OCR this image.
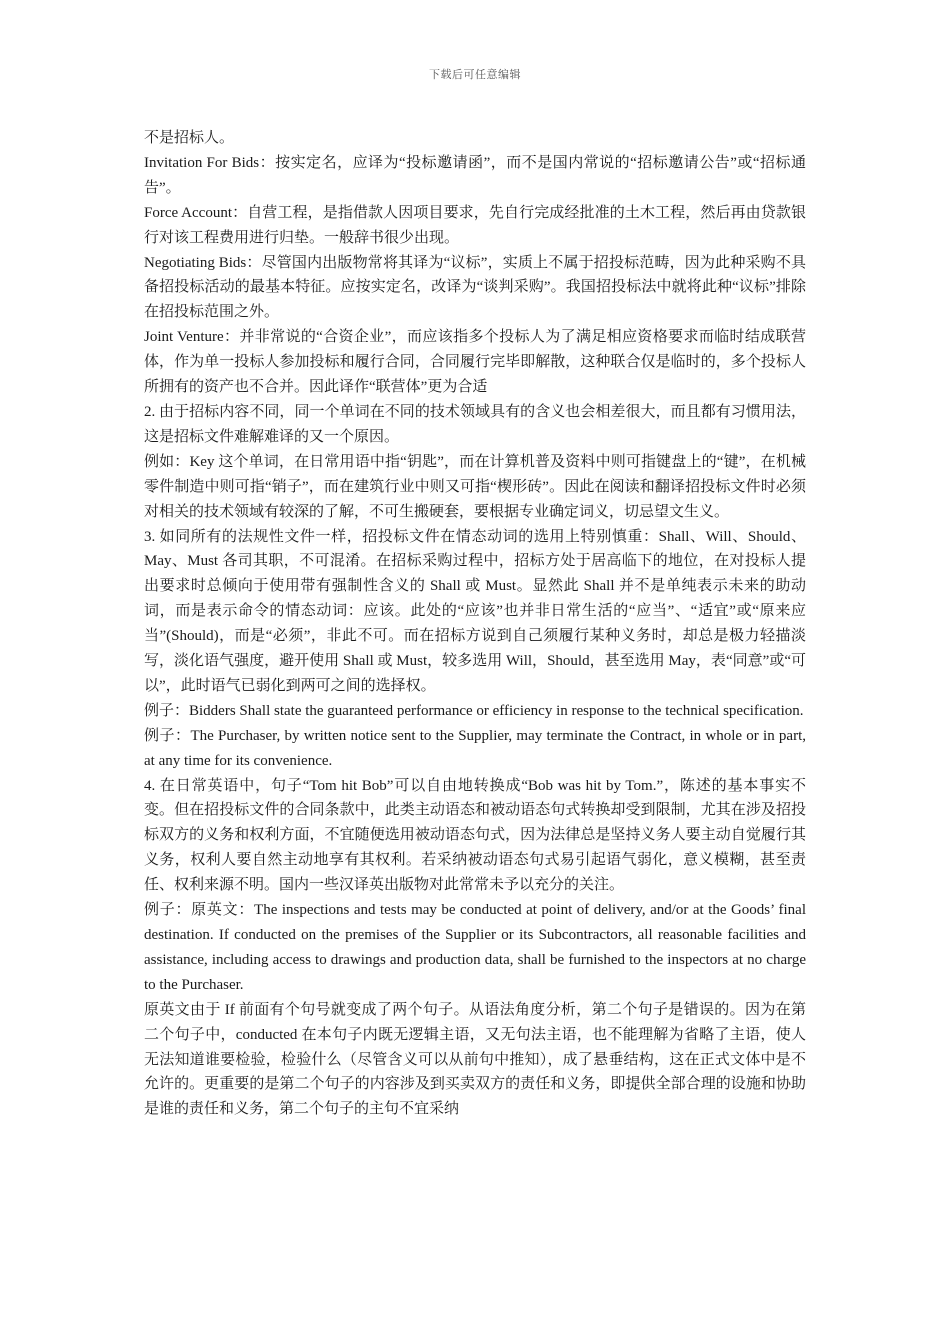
下载后可任意编辑

不是招标人。

Invitation For Bids：按实定名，应译为“投标邀请函”，而不是国内常说的“招标邀请公告”或“招标通告”。

Force Account：自营工程，是指借款人因项目要求，先自行完成经批准的土木工程，然后再由贷款银行对该工程费用进行归垫。一般辞书很少出现。

Negotiating Bids：尽管国内出版物常将其译为“议标”，实质上不属于招投标范畴，因为此种采购不具备招投标活动的最基本特征。应按实定名，改译为“谈判采购”。我国招投标法中就将此种“议标”排除在招投标范围之外。

Joint Venture：并非常说的“合资企业”，而应该指多个投标人为了满足相应资格要求而临时结成联营体，作为单一投标人参加投标和履行合同，合同履行完毕即解散，这种联合仅是临时的，多个投标人所拥有的资产也不合并。因此译作“联营体”更为合适

2. 由于招标内容不同，同一个单词在不同的技术领域具有的含义也会相差很大，而且都有习惯用法，这是招标文件难解难译的又一个原因。

例如：Key 这个单词，在日常用语中指“钥匙”，而在计算机普及资料中则可指键盘上的“键”，在机械零件制造中则可指“销子”，而在建筑行业中则又可指“楔形砖”。因此在阅读和翻译招投标文件时必须对相关的技术领域有较深的了解，不可生搬硬套，要根据专业确定词义，切忌望文生义。

3. 如同所有的法规性文件一样，招投标文件在情态动词的选用上特别慎重：Shall、Will、Should、May、Must 各司其职，不可混淆。在招标采购过程中，招标方处于居高临下的地位，在对投标人提出要求时总倾向于使用带有强制性含义的 Shall 或 Must。显然此 Shall 并不是单纯表示未来的助动词，而是表示命令的情态动词：应该。此处的“应该”也并非日常生活的“应当”、“适宜”或“原来应当”(Should)，而是“必须”，非此不可。而在招标方说到自己须履行某种义务时，却总是极力轻描淡写，淡化语气强度，避开使用 Shall 或 Must，较多选用 Will，Should，甚至选用 May，表“同意”或“可以”，此时语气已弱化到两可之间的选择权。

例子：Bidders Shall state the guaranteed performance or efficiency in response to the technical specification.

例子：The Purchaser, by written notice sent to the Supplier, may terminate the Contract, in whole or in part, at any time for its convenience.

4. 在日常英语中，句子“Tom hit Bob”可以自由地转换成“Bob was hit by Tom.”，陈述的基本事实不变。但在招投标文件的合同条款中，此类主动语态和被动语态句式转换却受到限制，尤其在涉及招投标双方的义务和权利方面，不宜随便选用被动语态句式，因为法律总是坚持义务人要主动自觉履行其义务，权利人要自然主动地享有其权利。若采纳被动语态句式易引起语气弱化，意义模糊，甚至责任、权利来源不明。国内一些汉译英出版物对此常常未予以充分的关注。

例子：原英文：The inspections and tests may be conducted at point of delivery, and/or at the Goods’ final destination. If conducted on the premises of the Supplier or its Subcontractors, all reasonable facilities and assistance, including access to drawings and production data, shall be furnished to the inspectors at no charge to the Purchaser.

原英文由于 If 前面有个句号就变成了两个句子。从语法角度分析，第二个句子是错误的。因为在第二个句子中，conducted 在本句子内既无逻辑主语，又无句法主语，也不能理解为省略了主语，使人无法知道谁要检验，检验什么（尽管含义可以从前句中推知），成了悬垂结构，这在正式文体中是不允许的。更重要的是第二个句子的内容涉及到买卖双方的责任和义务，即提供全部合理的设施和协助是谁的责任和义务，第二个句子的主句不宜采纳
